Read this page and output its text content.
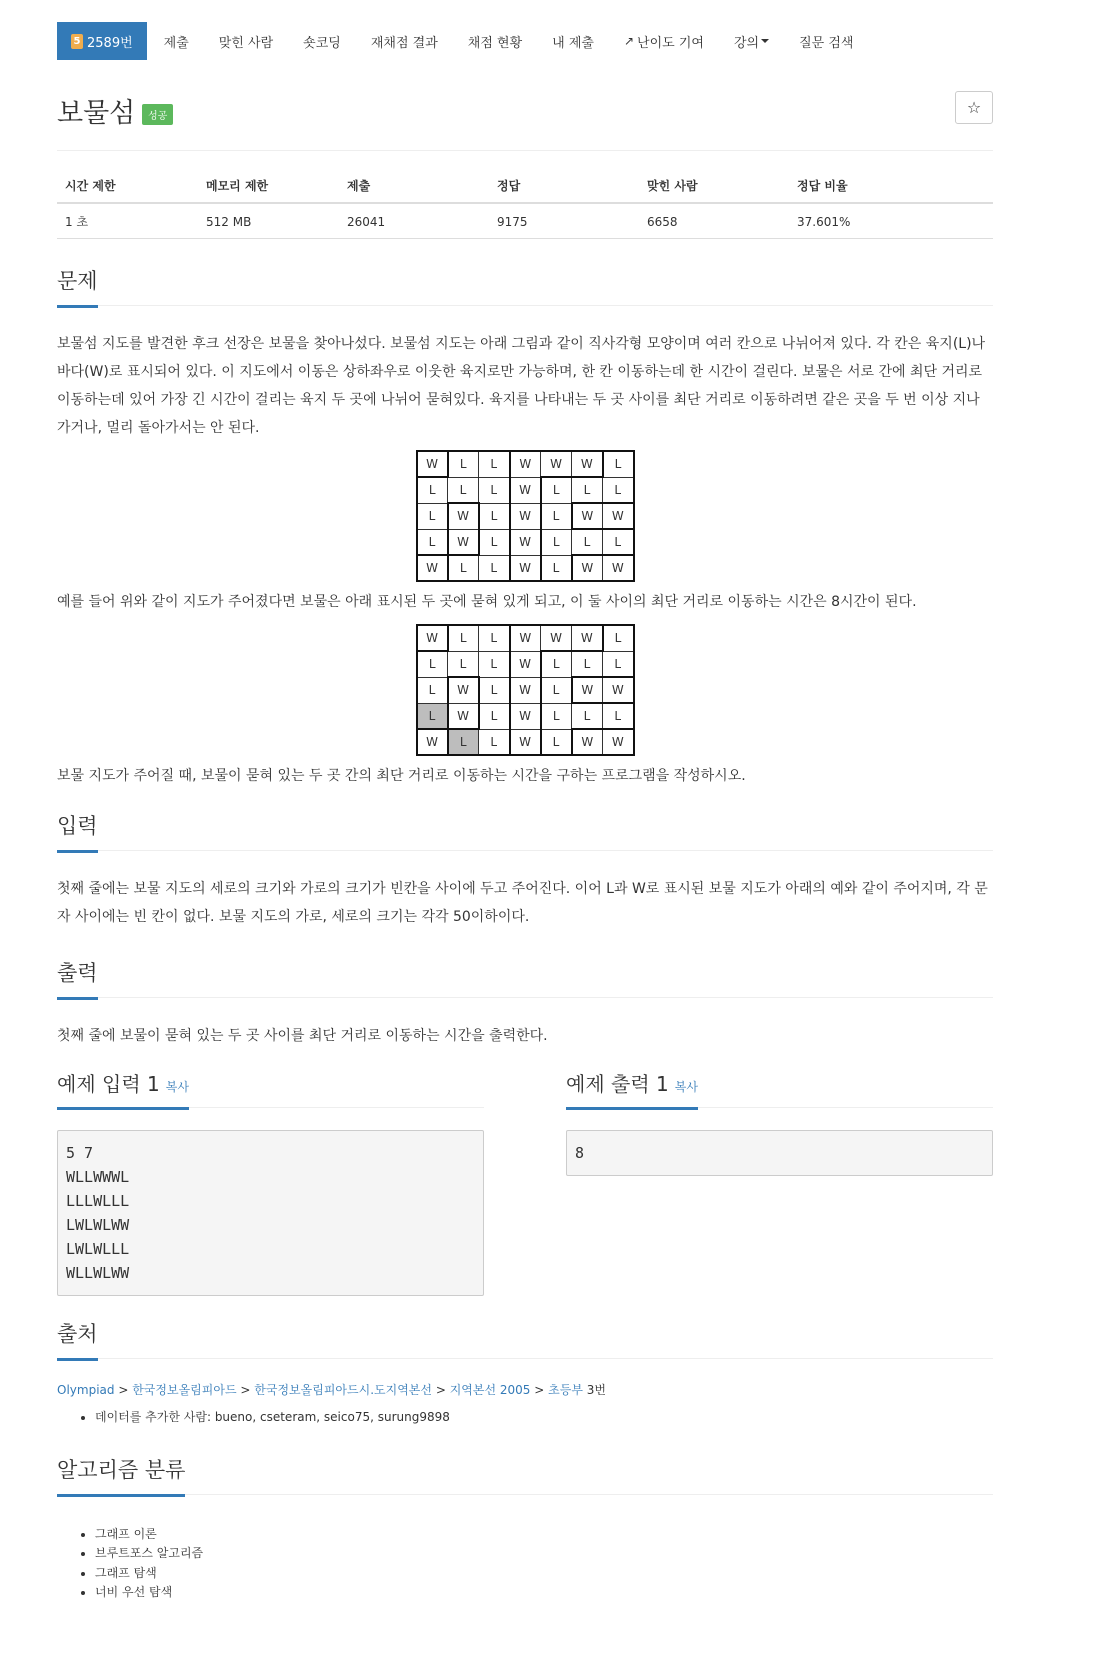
5 2589번	제출	맞힌 사람	숏코딩	재채점 결과	채점 현황	내 제출	↗ 난이도 기여 강의	질문 검색
보물섬	성공	☆
시간 제한	메모리 제한	제출	정답	맞힌 사람	정답 비율
1 초	512 MB	26041	9175	6658	37.601%
문제

보물섬 지도를 발견한 후크 선장은 보물을 찾아나섰다. 보물섬 지도는 아래 그림과 같이 직사각형 모양이며 여러 칸으로 나뉘어져 있다. 각 칸은 육지(L)나 바다(W)로 표시되어 있다. 이 지도에서 이동은 상하좌우로 이웃한 육지로만 가능하며, 한 칸 이동하는데 한 시간이 걸린다. 보물은 서로 간에 최단 거리로 이동하는데 있어 가장 긴 시간이 걸리는 육지 두 곳에 나뉘어 묻혀있다. 육지를 나타내는 두 곳 사이를 최단 거리로 이동하려면 같은 곳을 두 번 이상 지나가거나, 멀리 돌아가서는 안 된다.

W	L	L	W	W	W	L
L	L	L	W	L	L	L
L	W	L	W	L	W	W
L	W	L	W	L	L	L
W	L	L	W	L	W	W

예를 들어 위와 같이 지도가 주어졌다면 보물은 아래 표시된 두 곳에 묻혀 있게 되고, 이 둘 사이의 최단 거리로 이동하는 시간은 8시간이 된다.

W	L	L	W	W	W	L
L	L	L	W	L	L	L
L	W	L	W	L	W	W
L	W	L	W	L	L	L
W	L	L	W	L	W	W

보물 지도가 주어질 때, 보물이 묻혀 있는 두 곳 간의 최단 거리로 이동하는 시간을 구하는 프로그램을 작성하시오.

입력

첫째 줄에는 보물 지도의 세로의 크기와 가로의 크기가 빈칸을 사이에 두고 주어진다. 이어 L과 W로 표시된 보물 지도가 아래의 예와 같이 주어지며, 각 문자 사이에는 빈 칸이 없다. 보물 지도의 가로, 세로의 크기는 각각 50이하이다.

출력

첫째 줄에 보물이 묻혀 있는 두 곳 사이를 최단 거리로 이동하는 시간을 출력한다.

예제 입력 1 복사
5 7
WLLWWWL
LLLWLLL
LWLWLWW
LWLWLLL
WLLWLWW
예제 출력 1 복사
8
출처
Olympiad > 한국정보올림피아드 > 한국정보올림피아드시.도지역본선 > 지역본선 2005 > 초등부 3번
• 데이터를 추가한 사람: bueno, cseteram, seico75, surung9898
알고리즘 분류
• 그래프 이론
• 브루트포스 알고리즘
• 그래프 탐색
• 너비 우선 탐색
